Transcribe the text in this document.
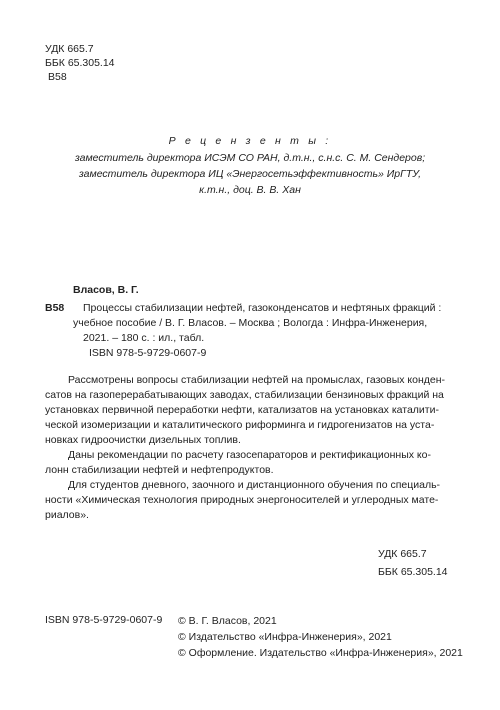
УДК 665.7
ББК 65.305.14
В58
Р е ц е н з е н т ы :
заместитель директора ИСЭМ СО РАН, д.т.н., с.н.с. С. М. Сендеров;
заместитель директора ИЦ «Энергосетьэффективность» ИрГТУ,
к.т.н., доц. В. В. Хан
Власов, В. Г.
В58	Процессы стабилизации нефтей, газоконденсатов и нефтяных фракций :
учебное пособие / В. Г. Власов. – Москва ; Вологда : Инфра-Инженерия,
2021. – 180 с. : ил., табл.
ISBN 978-5-9729-0607-9
Рассмотрены вопросы стабилизации нефтей на промыслах, газовых конден-
сатов на газоперерабатывающих заводах, стабилизации бензиновых фракций на
установках первичной переработки нефти, катализатов на установках каталити-
ческой изомеризации и каталитического риформинга и гидрогенизатов на уста-
новках гидроочистки дизельных топлив.
Даны рекомендации по расчету газосепараторов и ректификационных ко-
лонн стабилизации нефтей и нефтепродуктов.
Для студентов дневного, заочного и дистанционного обучения по специаль-
ности «Химическая технология природных энергоносителей и углеродных мате-
риалов».
УДК 665.7
ББК 65.305.14
ISBN 978-5-9729-0607-9 © В. Г. Власов, 2021
© Издательство «Инфра-Инженерия», 2021
© Оформление. Издательство «Инфра-Инженерия», 2021
